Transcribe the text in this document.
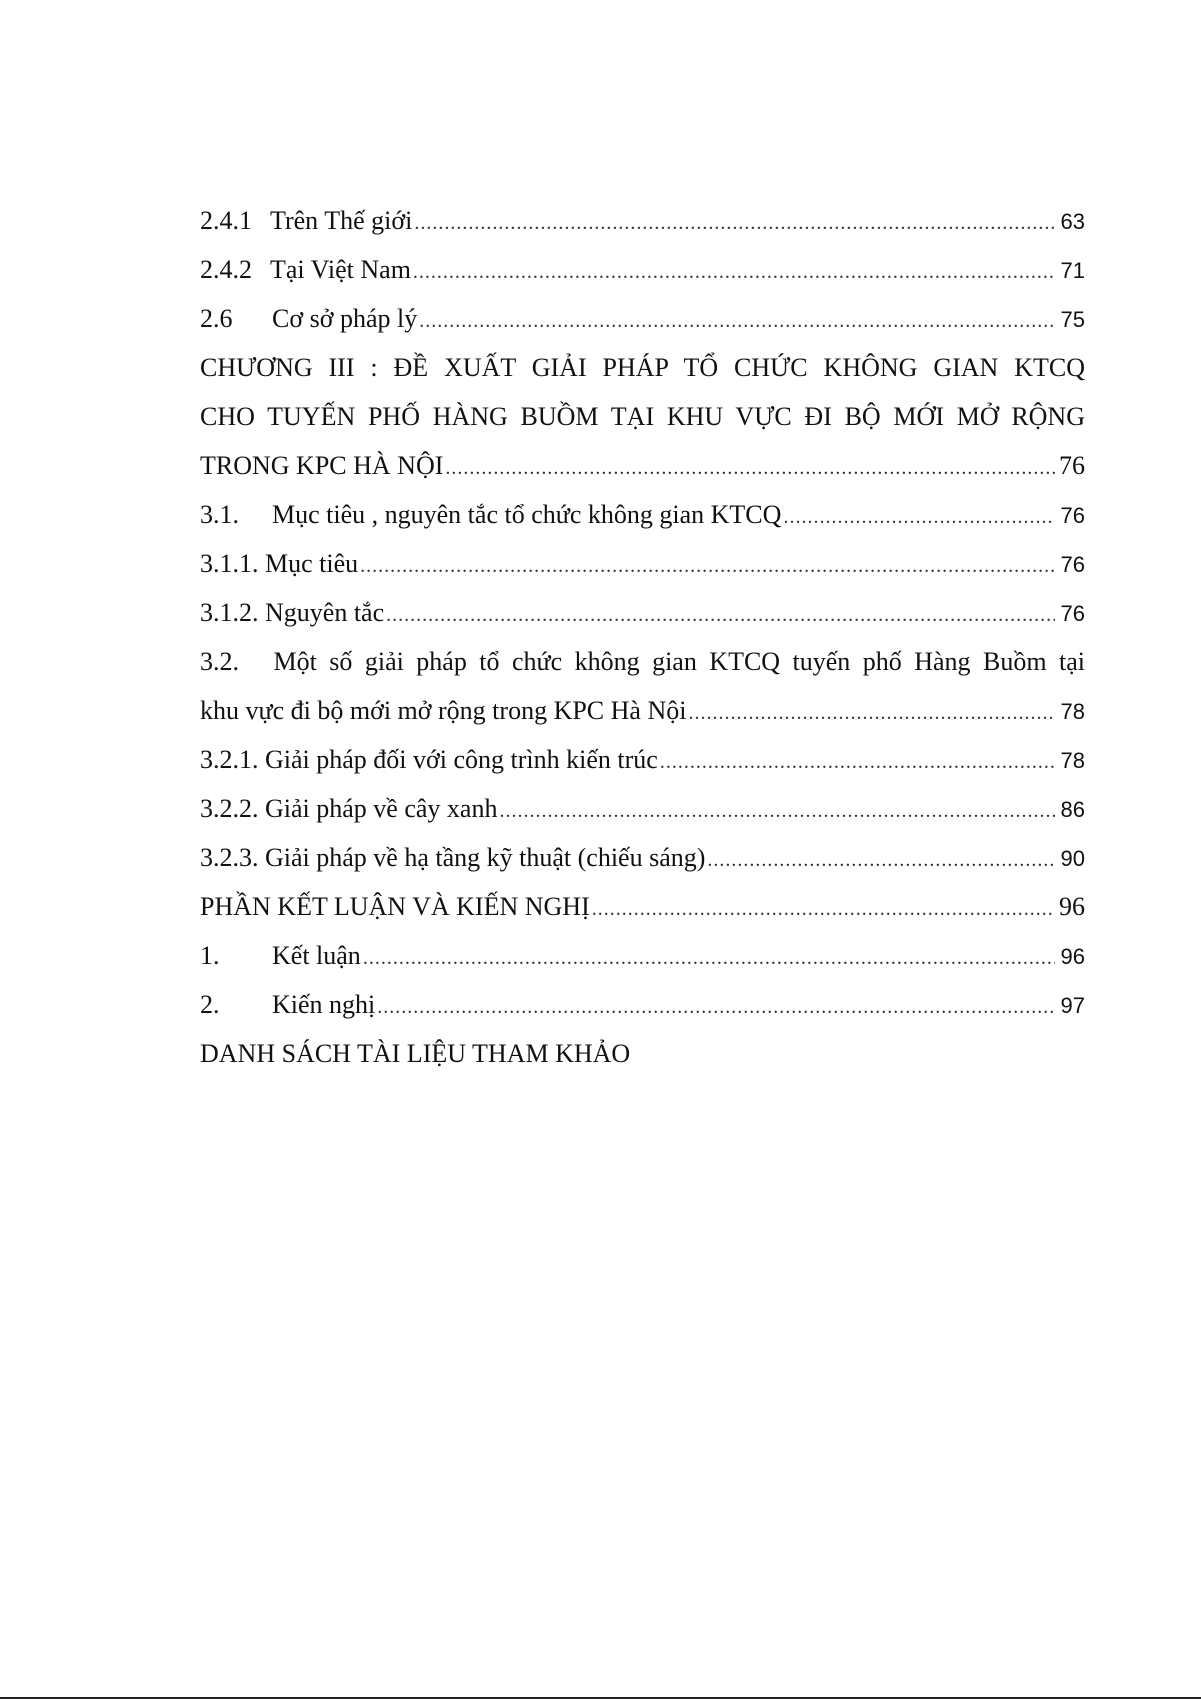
2.4.1 Trên Thế giới .....	63
2.4.2 Tại Việt Nam .....	71
2.6	Cơ sở pháp lý .....	75
CHƯƠNG III : ĐỀ XUẤT GIẢI PHÁP TỔ CHỨC KHÔNG GIAN KTCQ
CHO TUYẾN PHỐ HÀNG BUỒM TẠI KHU VỰC ĐI BỘ MỚI MỞ RỘNG
TRONG KPC HÀ NỘI .....	76
3.1.	Mục tiêu , nguyên tắc tổ chức không gian KTCQ .....	76
3.1.1. Mục tiêu .....	76
3.1.2. Nguyên tắc .....	76
3.2. Một số giải pháp tổ chức không gian KTCQ tuyến phố Hàng Buồm tại
khu vực đi bộ mới mở rộng trong KPC Hà Nội .....	78
3.2.1. Giải pháp đối với công trình kiến trúc .....	78
3.2.2. Giải pháp về cây xanh .....	86
3.2.3. Giải pháp về hạ tầng kỹ thuật (chiếu sáng) .....	90
PHẦN KẾT LUẬN VÀ KIẾN NGHỊ .....	96
1.	Kết luận .....	96
2.	Kiến nghị .....	97
DANH SÁCH TÀI LIỆU THAM KHẢO
